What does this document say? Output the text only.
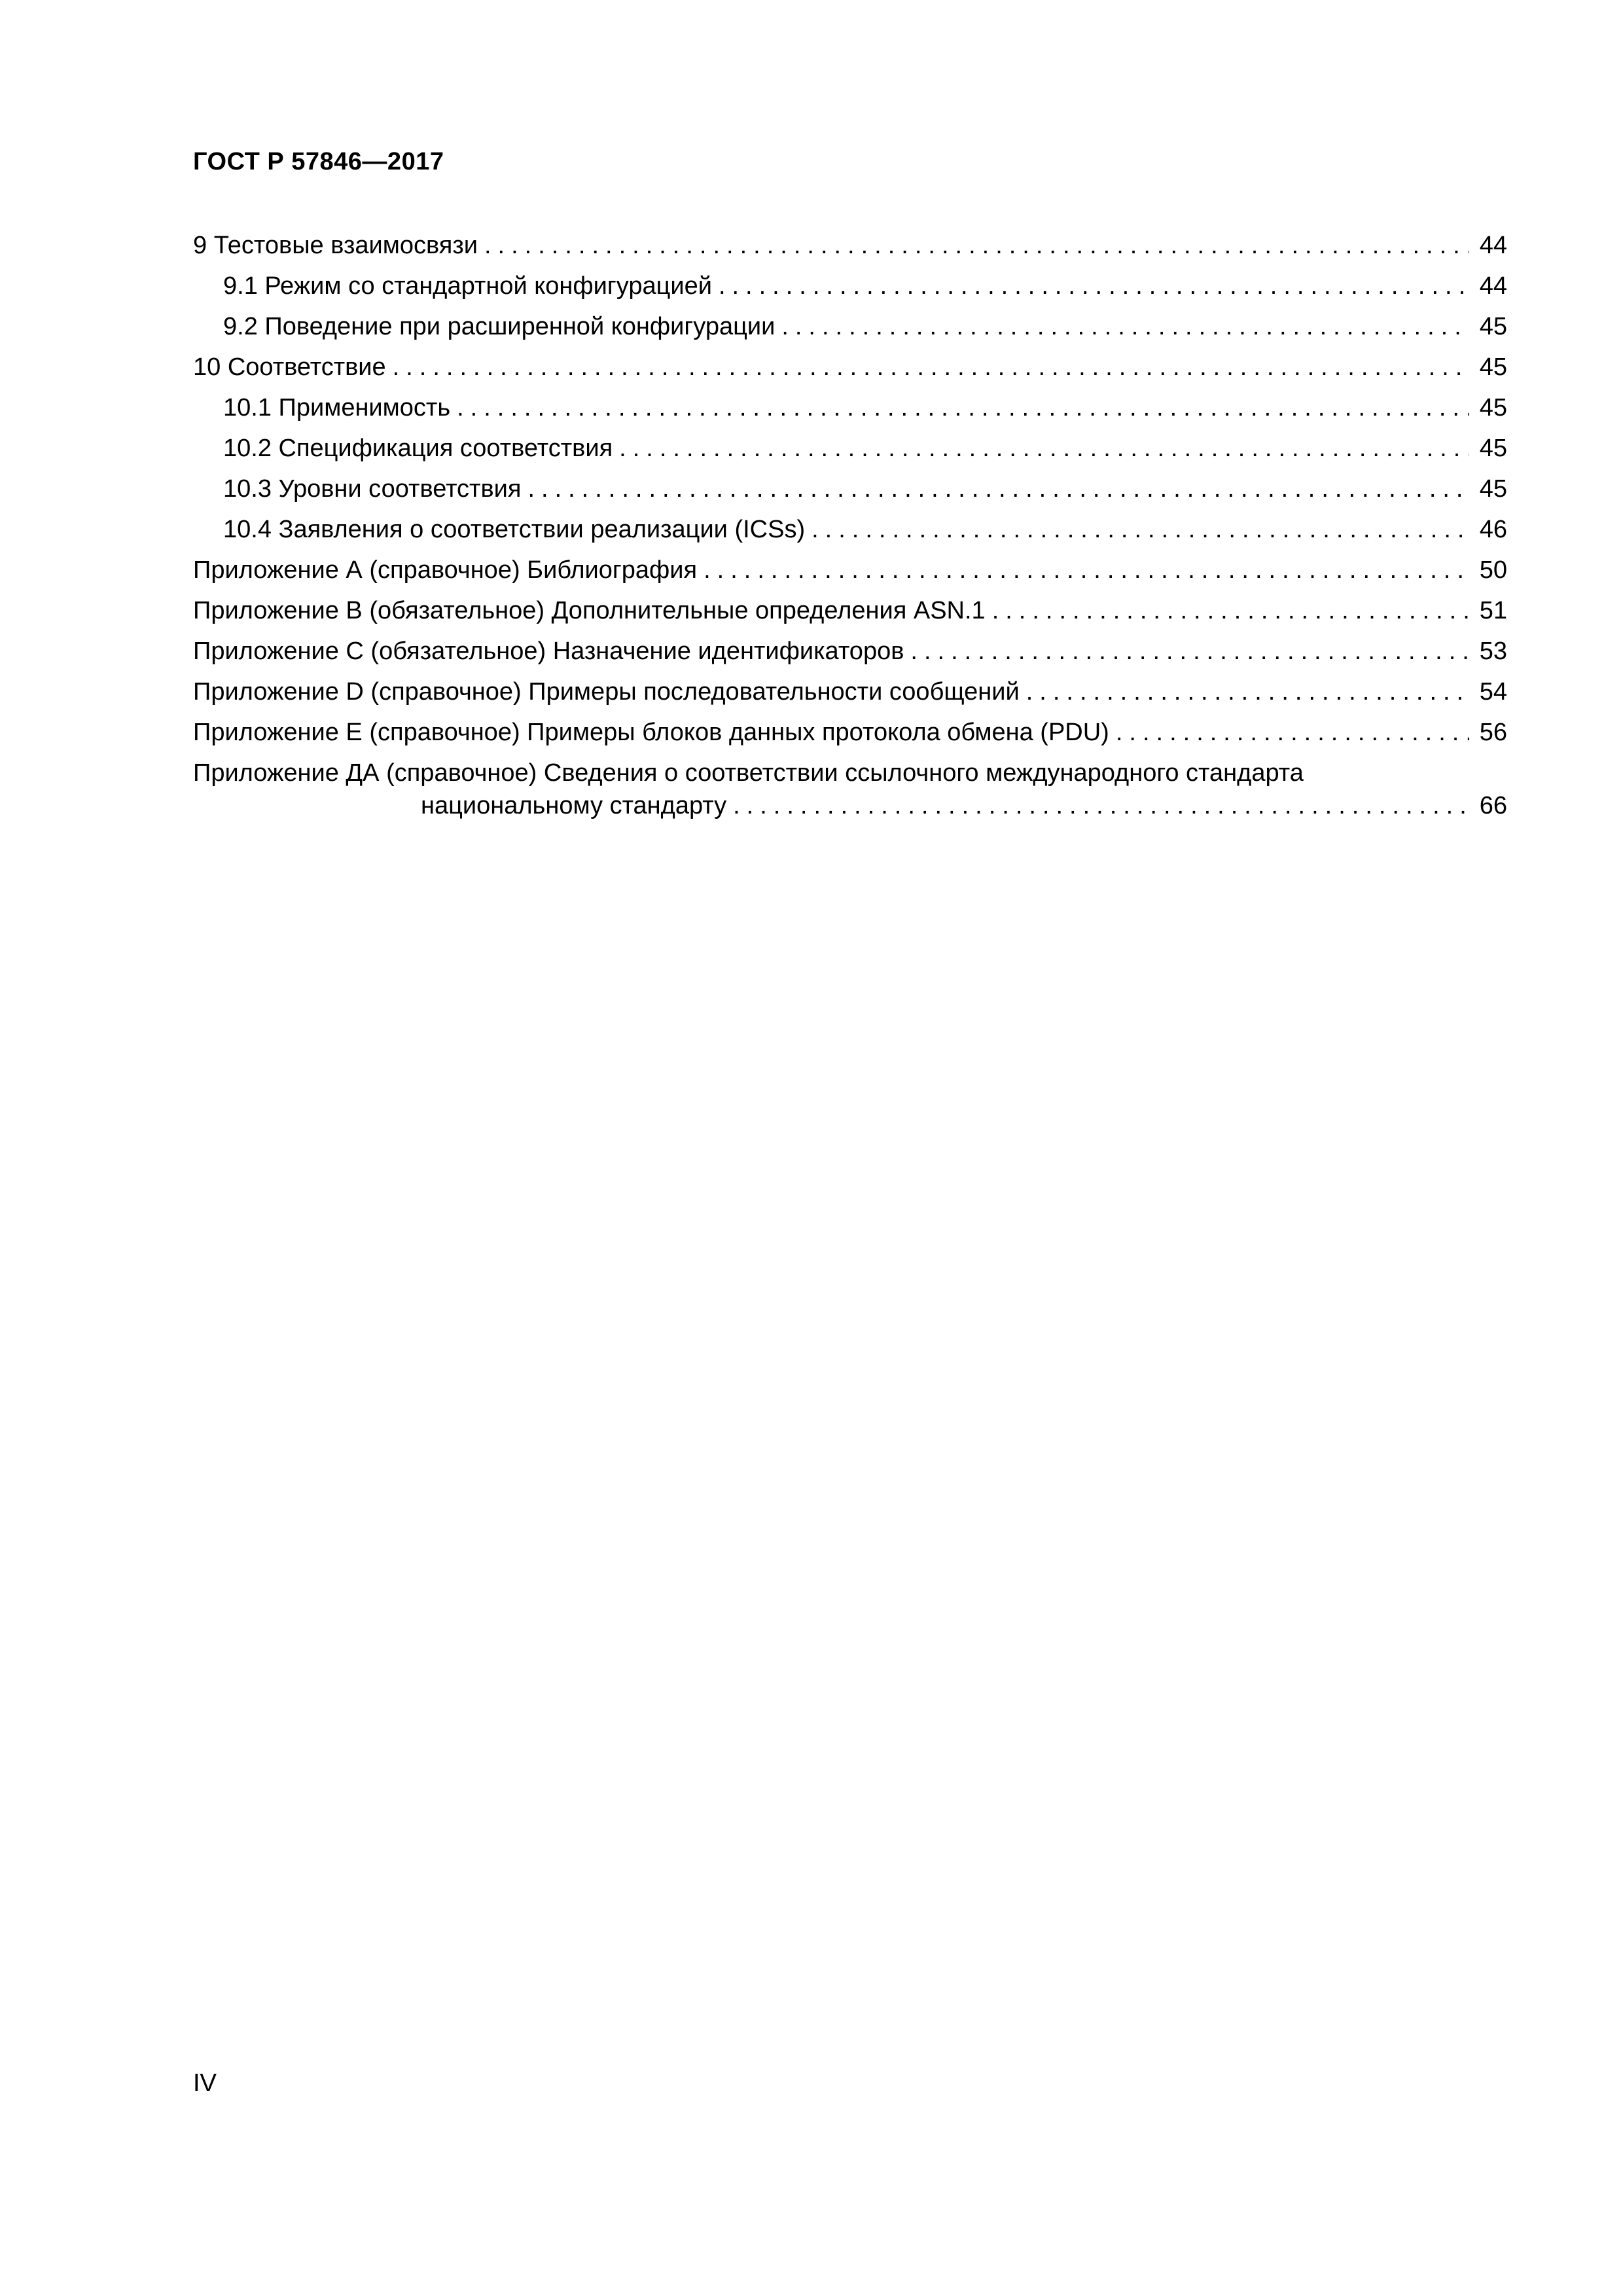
ГОСТ Р 57846—2017
9 Тестовые взаимосвязи .....	44
9.1 Режим со стандартной конфигурацией .....	44
9.2 Поведение при расширенной конфигурации .....	45
10 Соответствие .....	45
10.1 Применимость .....	45
10.2 Спецификация соответствия .....	45
10.3 Уровни соответствия .....	45
10.4 Заявления о соответствии реализации (ICSs) .....	46
Приложение А (справочное) Библиография .....	50
Приложение В (обязательное) Дополнительные определения ASN.1 .....	51
Приложение С (обязательное) Назначение идентификаторов .....	53
Приложение D (справочное) Примеры последовательности сообщений .....	54
Приложение Е (справочное) Примеры блоков данных протокола обмена (PDU) .....	56
Приложение ДА (справочное) Сведения о соответствии ссылочного международного стандарта
национальному стандарту .....	66
IV
